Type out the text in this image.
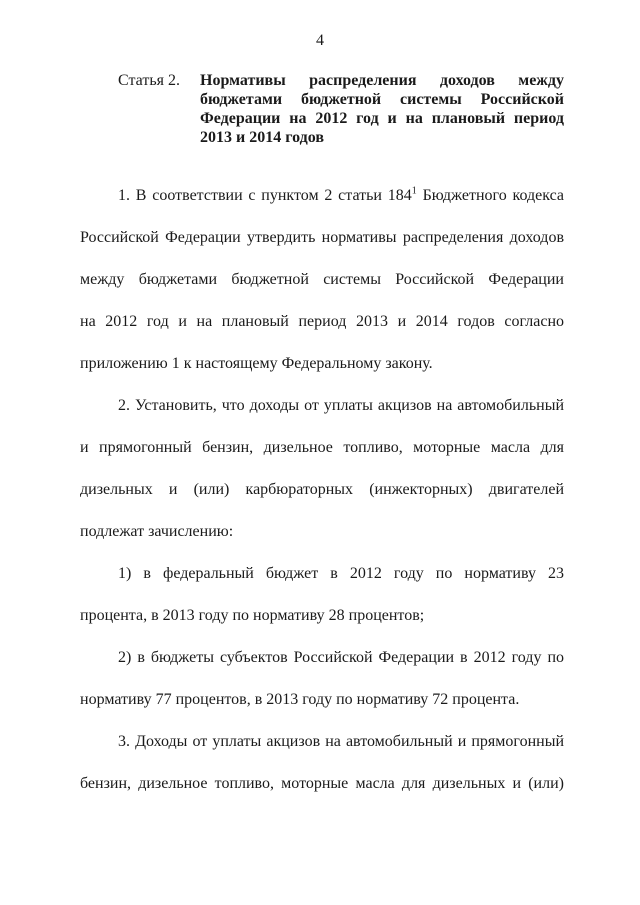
4
Статья 2. Нормативы распределения доходов между
бюджетами бюджетной системы Российской
Федерации на 2012 год и на плановый период
2013 и 2014 годов
1. В соответствии с пунктом 2 статьи $184^1$ Бюджетного кодекса
Российской Федерации утвердить нормативы распределения доходов
между бюджетами бюджетной системы Российской Федерации
на 2012 год и на плановый период 2013 и 2014 годов согласно
приложению 1 к настоящему Федеральному закону.
2. Установить, что доходы от уплаты акцизов на автомобильный
и прямогонный бензин, дизельное топливо, моторные масла для
дизельных и (или) карбюраторных (инжекторных) двигателей
подлежат зачислению:
1) в федеральный бюджет в 2012 году по нормативу 23
процента, в 2013 году по нормативу 28 процентов;
2) в бюджеты субъектов Российской Федерации в 2012 году по
нормативу 77 процентов, в 2013 году по нормативу 72 процента.
3. Доходы от уплаты акцизов на автомобильный и прямогонный
бензин, дизельное топливо, моторные масла для дизельных и (или)
